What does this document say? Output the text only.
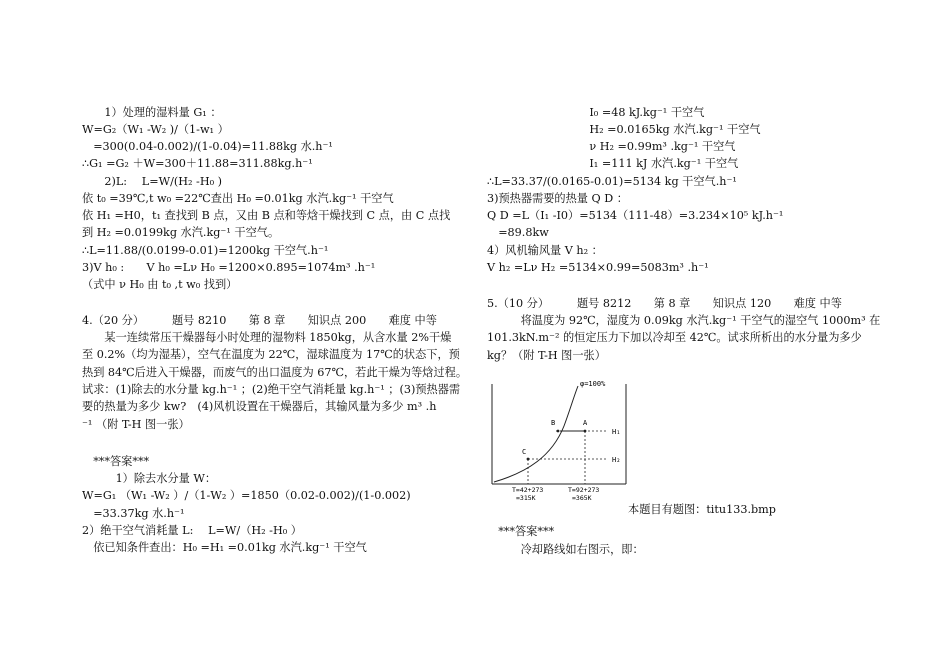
　　1）处理的湿料量 G₁ ：
W=G₂（W₁ -W₂ )/（1-w₁ ）
　=300(0.04-0.002)/(1-0.04)=11.88kg 水.h⁻¹
∴G₁ =G₂ ＋W=300＋11.88=311.88kg.h⁻¹
　　2)L:　 L=W/(H₂ -H₀ )
依 t₀ =39℃,t w₀ =22℃查出 H₀ =0.01kg 水汽.kg⁻¹ 干空气
依 H₁ =H0，t₁ 查找到 B 点，又由 B 点和等焓干燥找到 C 点，由 C 点找
到 H₂ =0.0199kg 水汽.kg⁻¹ 干空气。
∴L=11.88/(0.0199-0.01)=1200kg 干空气.h⁻¹
3)V h₀ :　　V h₀ =Lν H₀ =1200×0.895=1074m³ .h⁻¹
（式中 ν H₀ 由 t₀ ,t w₀ 找到）
4.（20 分）　　　题号 8210　　第 8 章　　知识点 200　　难度 中等
　　某一连续常压干燥器每小时处理的湿物料 1850kg，从含水量 2%干燥
至 0.2%（均为湿基），空气在温度为 22℃，湿球温度为 17℃的状态下，预
热到 84℃后进入干燥器，而废气的出口温度为 67℃，若此干燥为等焓过程。
试求：(1)除去的水分量 kg.h⁻¹ ；(2)绝干空气消耗量 kg.h⁻¹ ；(3)预热器需
要的热量为多少 kw?　(4)风机设置在干燥器后，其输风量为多少 m³ .h
⁻¹ （附 T-H 图一张）
　***答案***
　　　1）除去水分量 W：
W=G₁ （W₁ -W₂ ）/（1-W₂ ）=1850（0.02-0.002)/(1-0.002)
　=33.37kg 水.h⁻¹
2）绝干空气消耗量 L:　 L=W/（H₂ -H₀ ）
　依已知条件查出：H₀ =H₁ =0.01kg 水汽.kg⁻¹ 干空气
　　I₀ =48 kJ.kg⁻¹ 干空气
　　H₂ =0.0165kg 水汽.kg⁻¹ 干空气
　　ν H₂ =0.99m³ .kg⁻¹ 干空气
　　I₁ =111 kJ 水汽.kg⁻¹ 干空气
∴L=33.37/(0.0165-0.01)=5134 kg 干空气.h⁻¹
3)预热器需要的热量 Q D ：
Q D =L（I₁ -I0）=5134（111-48）=3.234×10⁵ kJ.h⁻¹
　=89.8kw
4）风机输风量 V h₂ ：
V h₂ =Lν H₂ =5134×0.99=5083m³ .h⁻¹
5.（10 分）　　　题号 8212　　第 8 章　　知识点 120　　难度 中等
　　　将温度为 92℃，湿度为 0.09kg 水汽.kg⁻¹ 干空气的湿空气 1000m³ 在
101.3kN.m⁻² 的恒定压力下加以冷却至 42℃。试求所析出的水分量为多少
kg？（附 T-H 图一张）
本题目有题图：titu133.bmp
　***答案***
　　　冷却路线如右图示，即：
φ=100%
B	A
C
H₁
H₂
T=42+273
=315K
T=92+273
=365K
